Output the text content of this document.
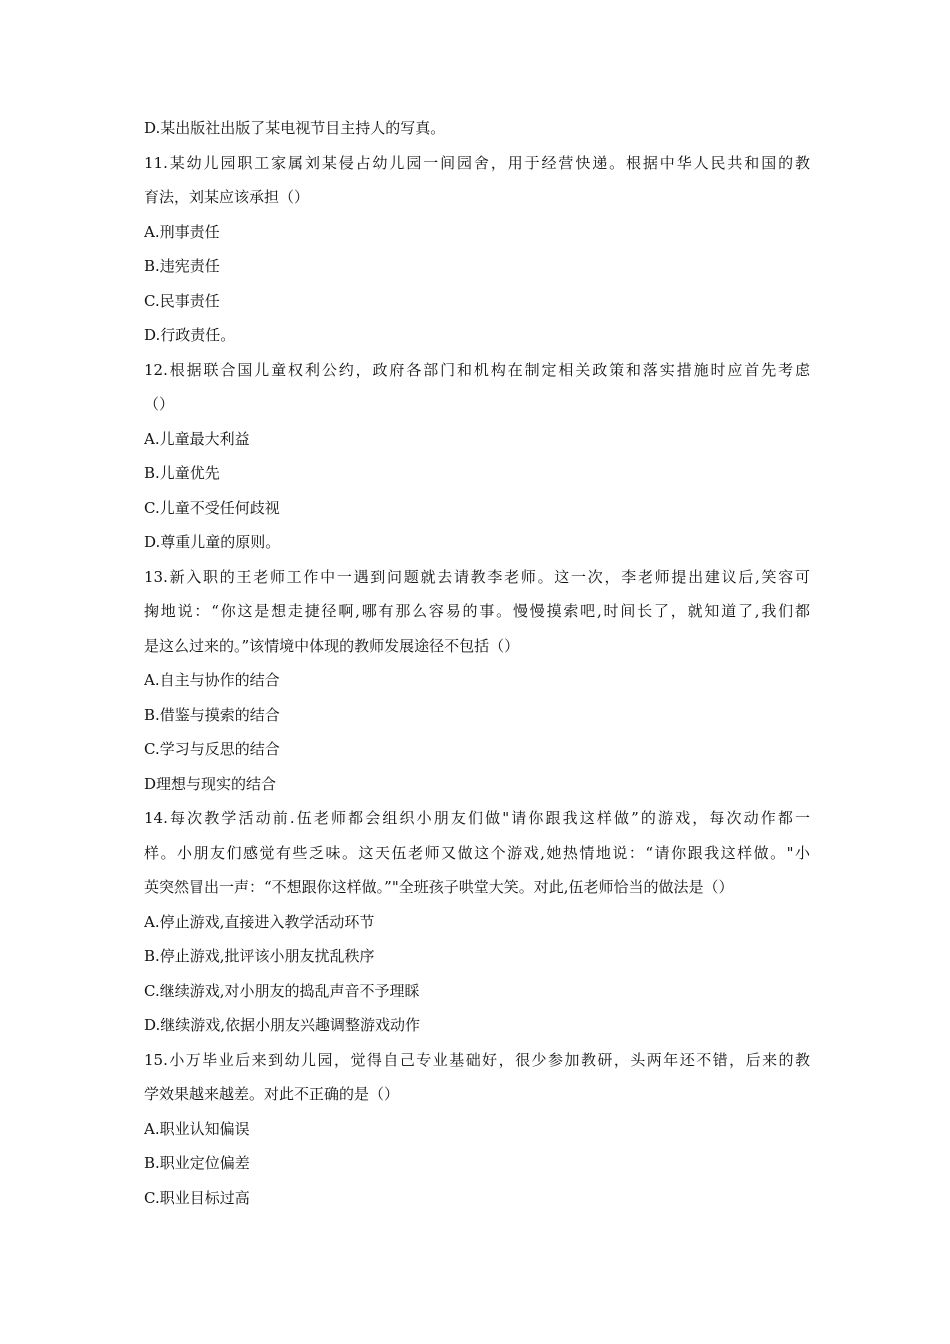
D.某出版社出版了某电视节目主持人的写真。
11.某幼儿园职工家属刘某侵占幼儿园一间园舍，用于经营快递。根据中华人民共和国的教
育法，刘某应该承担（）
A.刑事责任
B.违宪责任
C.民事责任
D.行政责任。
12.根据联合国儿童权利公约，政府各部门和机构在制定相关政策和落实措施时应首先考虑
（）
A.儿童最大利益
B.儿童优先
C.儿童不受任何歧视
D.尊重儿童的原则。
13.新入职的王老师工作中一遇到问题就去请教李老师。这一次，李老师提出建议后,笑容可
掬地说：“你这是想走捷径啊,哪有那么容易的事。慢慢摸索吧,时间长了，就知道了,我们都
是这么过来的。”该情境中体现的教师发展途径不包括（）
A.自主与协作的结合
B.借鉴与摸索的结合
C.学习与反思的结合
D理想与现实的结合
14.每次教学活动前.伍老师都会组织小朋友们做"请你跟我这样做”的游戏，每次动作都一
样。小朋友们感觉有些乏味。这天伍老师又做这个游戏,她热情地说：“请你跟我这样做。"小
英突然冒出一声：“不想跟你这样做。”"全班孩子哄堂大笑。对此,伍老师恰当的做法是（）
A.停止游戏,直接进入教学活动环节
B.停止游戏,批评该小朋友扰乱秩序
C.继续游戏,对小朋友的捣乱声音不予理睬
D.继续游戏,依据小朋友兴趣调整游戏动作
15.小万毕业后来到幼儿园，觉得自己专业基础好，很少参加教研，头两年还不错，后来的教
学效果越来越差。对此不正确的是（）
A.职业认知偏误
B.职业定位偏差
C.职业目标过高
